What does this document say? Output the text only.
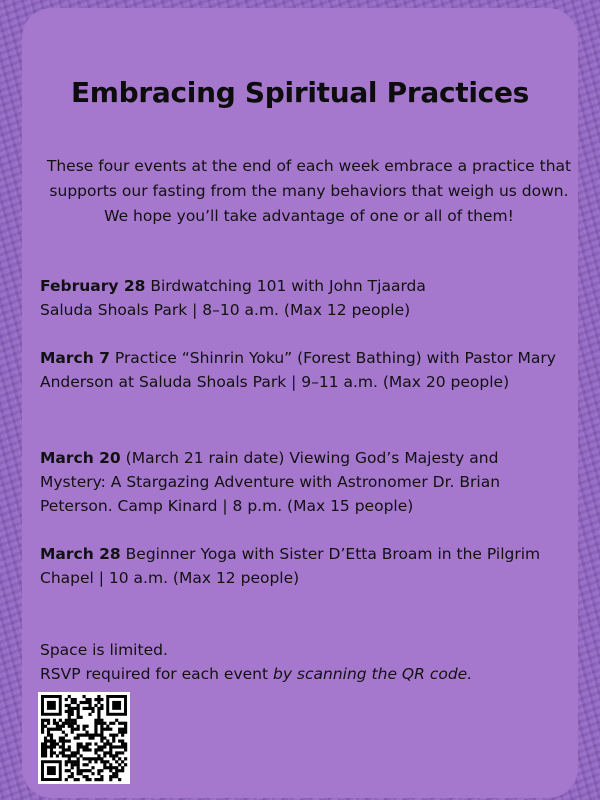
Embracing Spiritual Practices
These four events at the end of each week embrace a practice that supports our fasting from the many behaviors that weigh us down. We hope you’ll take advantage of one or all of them!
February 28 Birdwatching 101 with John Tjaarda
Saluda Shoals Park | 8–10 a.m. (Max 12 people)
March 7 Practice “Shinrin Yoku” (Forest Bathing) with Pastor Mary Anderson at Saluda Shoals Park | 9–11 a.m. (Max 20 people)
March 20 (March 21 rain date) Viewing God’s Majesty and Mystery: A Stargazing Adventure with Astronomer Dr. Brian Peterson. Camp Kinard | 8 p.m. (Max 15 people)
March 28 Beginner Yoga with Sister D’Etta Broam in the Pilgrim Chapel | 10 a.m. (Max 12 people)
Space is limited.
RSVP required for each event by scanning the QR code.
